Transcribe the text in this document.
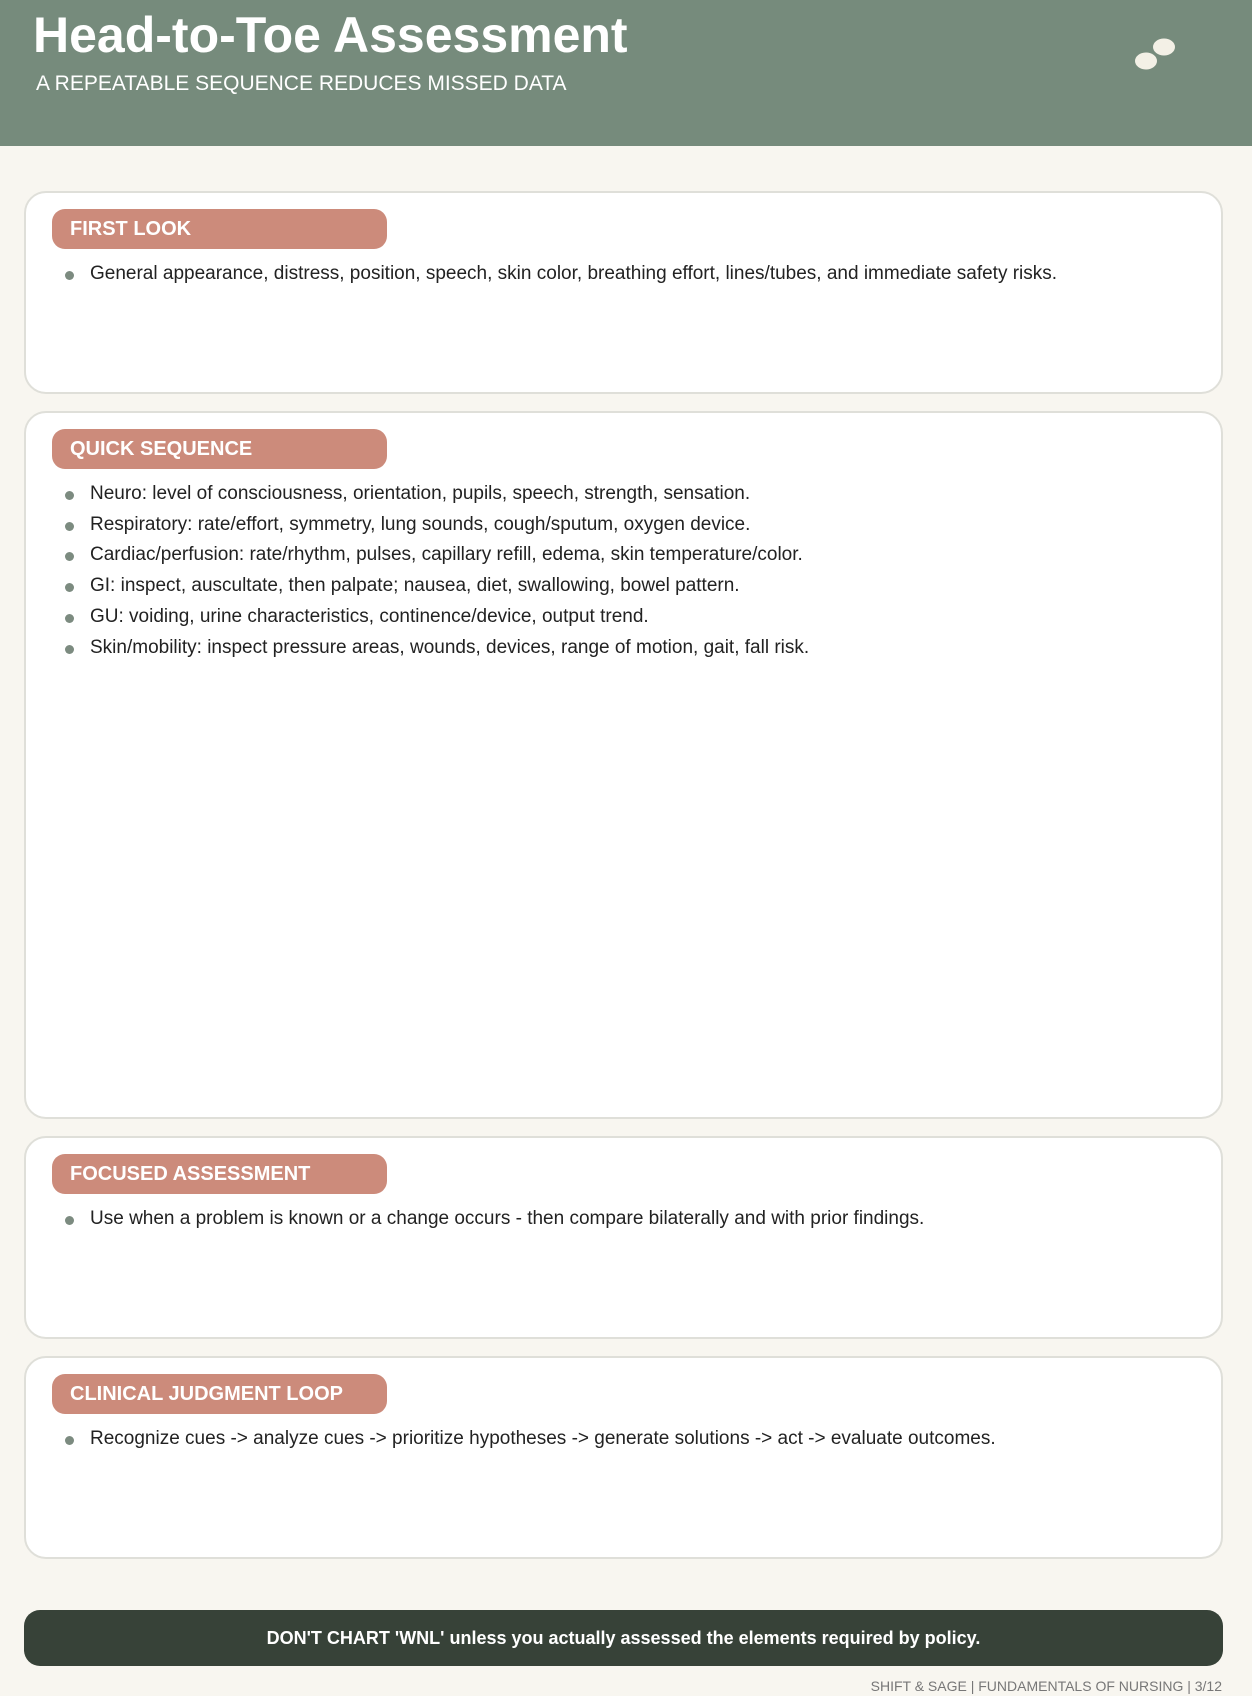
Head-to-Toe Assessment
A REPEATABLE SEQUENCE REDUCES MISSED DATA
FIRST LOOK
General appearance, distress, position, speech, skin color, breathing effort, lines/tubes, and immediate safety risks.
QUICK SEQUENCE
Neuro: level of consciousness, orientation, pupils, speech, strength, sensation.
Respiratory: rate/effort, symmetry, lung sounds, cough/sputum, oxygen device.
Cardiac/perfusion: rate/rhythm, pulses, capillary refill, edema, skin temperature/color.
GI: inspect, auscultate, then palpate; nausea, diet, swallowing, bowel pattern.
GU: voiding, urine characteristics, continence/device, output trend.
Skin/mobility: inspect pressure areas, wounds, devices, range of motion, gait, fall risk.
FOCUSED ASSESSMENT
Use when a problem is known or a change occurs - then compare bilaterally and with prior findings.
CLINICAL JUDGMENT LOOP
Recognize cues -> analyze cues -> prioritize hypotheses -> generate solutions -> act -> evaluate outcomes.
DON'T CHART 'WNL' unless you actually assessed the elements required by policy.
SHIFT & SAGE | FUNDAMENTALS OF NURSING | 3/12
